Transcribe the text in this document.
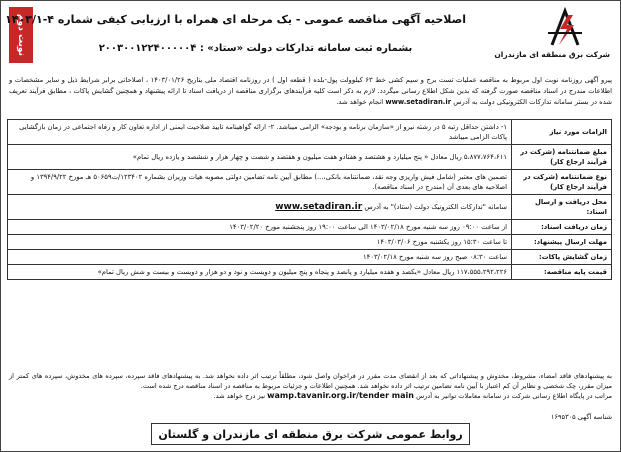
شرکت برق منطقه ای مازندران
نوبت دوم
اصلاحیه آگهی مناقصه عمومی - یک مرحله ای همراه با ارزیابی کیفی شماره ۴-۱۴۰۳/۱
بشماره ثبت سامانه تدارکات دولت «ستاد» : ۲۰۰۳۰۰۱۲۲۴۰۰۰۰۰۴
پیرو آگهی روزنامه نوبت اول مربوط به مناقصه عملیات تست برج و سیم کشی خط ۶۳ کیلوولت پول-بلده ( قطعه اول ) در روزنامه اقتصاد ملی بتاریخ ۱۴۰۳/۰۱/۲۶ ، اصلاحاتی برابر شرایط ذیل و سایر مشخصات و اطلاعات مندرج در اسناد مناقصه صورت گرفته که بدین شکل اطلاع رسانی میگردد. لازم به ذکر است کلیه فرآیندهای برگزاری مناقصه از دریافت اسناد تا ارائه پیشنهاد و همچنین گشایش پاکات ، مطابق فرآیند تعریف شده در بستر سامانه تدارکات الکترونیکی دولت به آدرس www.setadiran.ir انجام خواهد شد.
الزامات مورد نیاز	۱- داشتن حداقل رتبه ۵ در رشته نیرو از «سازمان برنامه و بودجه» الزامی میباشد. ۲- ارائه گواهینامه تایید صلاحیت ایمنی از اداره تعاون کار و رفاه اجتماعی در زمان بازگشایی پاکات الزامی میباشد
مبلغ ضمانتنامه (شرکت در فرآیند ارجاع کار)	۵،۸۷۷،۷۶۴،۶۱۱ ریال معادل « پنج میلیارد و هشتصد و هفتادو هفت میلیون و هفتصد و شصت و چهار هزار و ششصد و یازده ریال تمام»
نوع ضمانتنامه (شرکت در فرآیند ارجاع کار)	تضمین های معتبر (شامل فیش واریزی وجه نقد، ضمانتنامه بانکی،...) مطابق آیین نامه تضامین دولتی مصوبه هیات وزیران بشماره ۱۲۳۴۰۲/ت۵۰۶۵۹ هـ مورخ ۱۳۹۴/۹/۲۲ و اصلاحیه های بعدی آن (مندرج در اسناد مناقصه).
محل دریافت و ارسال اسناد:	سامانه "تدارکات الکترونیک دولت (ستاد)" به آدرس www.setadiran.ir
زمان دریافت اسناد:	از ساعت ۰۹:۰۰ روز سه شنبه مورخ ۱۴۰۳/۰۲/۱۸ الی ساعت ۱۹:۰۰ روز پنجشنبه مورخ ۱۴۰۳/۰۲/۲۰
مهلت ارسال پیشنهاد:	تا ساعت ۱۵:۳۰ روز یکشنبه مورخ ۱۴۰۳/۰۳/۰۶
زمان گشایش پاکات:	ساعت ۰۸:۳۰ صبح روز سه شنبه مورخ ۱۴۰۳/۰۲/۱۸
قیمت پایه مناقصه:	۱۱۷،۵۵۵،۲۹۲،۲۲۶ ریال معادل «یکصد و هفده میلیارد و پانصد و پنجاه و پنج میلیون و دویست و نود و دو هزار و دویست و بیست و شش ریال تمام»
به پیشنهادهای فاقد امضاء، مشروط، مخدوش و پیشنهاداتی که بعد از انقضای مدت مقرر در فراخوان واصل شود، مطلقاً ترتیب اثر داده نخواهد شد. به پیشنهادهای فاقد سپرده، سپرده های مخدوش، سپرده های کمتر از میزان مقرر، چک شخصی و نظایر آن کم اعتبار با آیین نامه تضامین ترتیب اثر داده نخواهد شد. همچنین اطلاعات و جزئیات مربوط به مناقصه در اسناد مناقصه درج شده است.
مراتب در پایگاه اطلاع رسانی شرکت در سامانه معاملات توانیر به آدرس wamp.tavanir.org.ir/tender main نیز درج خواهد شد.
شناسه آگهی ۱۶۹۵۳۰۵
روابط عمومی شرکت برق منطقه ای مازندران و گلستان
